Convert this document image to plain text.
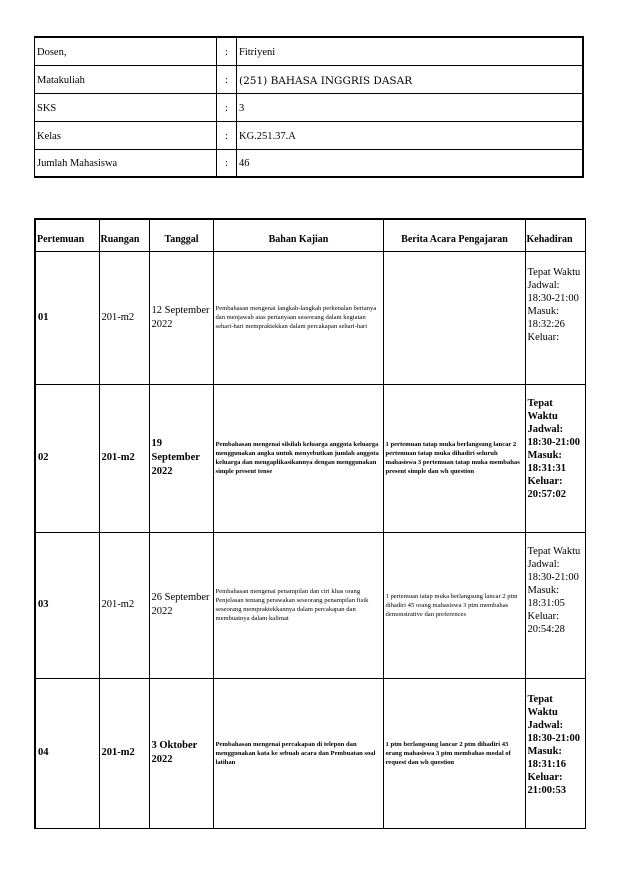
Dosen,	:	Fitriyeni
Matakuliah	:	(251) BAHASA INGGRIS DASAR
SKS	:	3
Kelas	:	KG.251.37.A
Jumlah Mahasiswa	:	46
Pertemuan	Ruangan	Tanggal	Bahan Kajian	Berita Acara Pengajaran	Kehadiran
01	201-m2	12 September 2022	Pembahasan mengenai langkah-langkah perkenalan bertanya dan menjawab atas pertanyaan seseorang dalam kegiatan sehari-hari mempraktekkan dalam percakapan sehari-hari		Tepat Waktu Jadwal: 18:30-21:00 Masuk: 18:32:26 Keluar:
02	201-m2	19 September 2022	Pembahasan mengenai silsilah keluarga anggota keluarga menggunakan angka untuk menyebutkan jumlah anggota keluarga dan mengaplikasikannya dengan menggunakan simple present tense	1 pertemuan tatap muka berlangsung lancar 2 pertemuan tatap muka dihadiri seluruh mahasiswa 3 pertemuan tatap muka membahas present simple dan wh question	Tepat Waktu Jadwal: 18:30-21:00 Masuk: 18:31:31 Keluar: 20:57:02
03	201-m2	26 September 2022	Pembahasan mengenai penampilan dan ciri khas orang Penjelasan tentang perawakan seseorang penampilan fisik seseorang mempraktekkannya dalam percakapan dan membuatnya dalam kalimat	1 pertemuan tatap muka berlangsung lancar 2 ptm dihadiri 45 orang mahasiswa 3 ptm membahas demonstrative dan preferences	Tepat Waktu Jadwal: 18:30-21:00 Masuk: 18:31:05 Keluar: 20:54:28
04	201-m2	3 Oktober 2022	Pembahasan mengenai percakapan di telepon dan menggunakan kata ke sebuah acara dan Pembuatan soal latihan	1 ptm berlangsung lancar 2 ptm dihadiri 43 orang mahasiswa 3 ptm membahas modal of request dan wh question	Tepat Waktu Jadwal: 18:30-21:00 Masuk: 18:31:16 Keluar: 21:00:53
